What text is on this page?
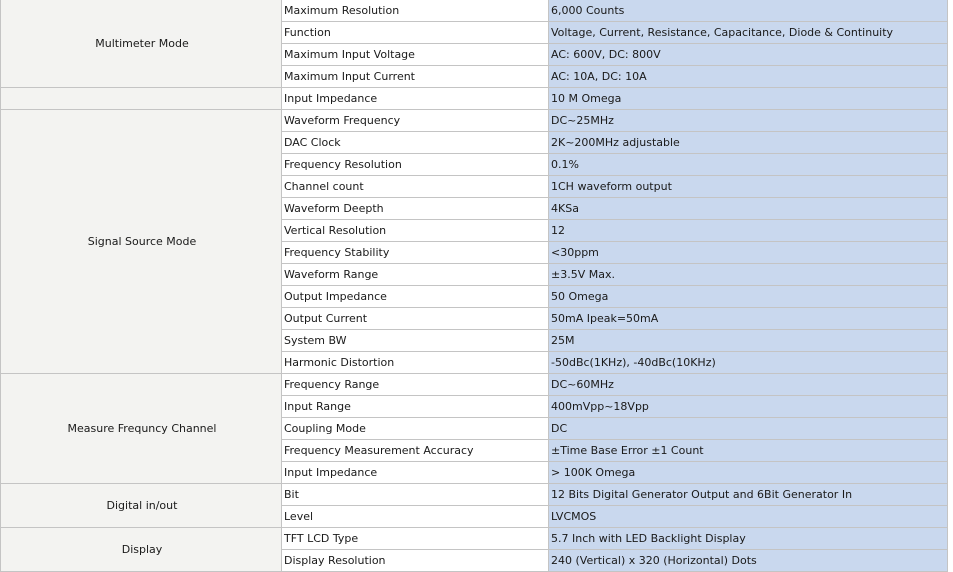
Multimeter Mode	Maximum Resolution	6,000 Counts
	Function	Voltage, Current, Resistance, Capacitance, Diode & Continuity
	Maximum Input Voltage	AC: 600V, DC: 800V
	Maximum Input Current	AC: 10A, DC: 10A
	Input Impedance	10 M Omega
Signal Source Mode	Waveform Frequency	DC~25MHz
	DAC Clock	2K~200MHz adjustable
	Frequency Resolution	0.1%
	Channel count	1CH waveform output
	Waveform Deepth	4KSa
	Vertical Resolution	12
	Frequency Stability	<30ppm
	Waveform Range	±3.5V Max.
	Output Impedance	50 Omega
	Output Current	50mA Ipeak=50mA
	System BW	25M
	Harmonic Distortion	-50dBc(1KHz), -40dBc(10KHz)
Measure Frequncy Channel	Frequency Range	DC~60MHz
	Input Range	400mVpp~18Vpp
	Coupling Mode	DC
	Frequency Measurement Accuracy	±Time Base Error ±1 Count
	Input Impedance	> 100K Omega
Digital in/out	Bit	12 Bits Digital Generator Output and 6Bit Generator In
	Level	LVCMOS
Display	TFT LCD Type	5.7 Inch with LED Backlight Display
	Display Resolution	240 (Vertical) x 320 (Horizontal) Dots
